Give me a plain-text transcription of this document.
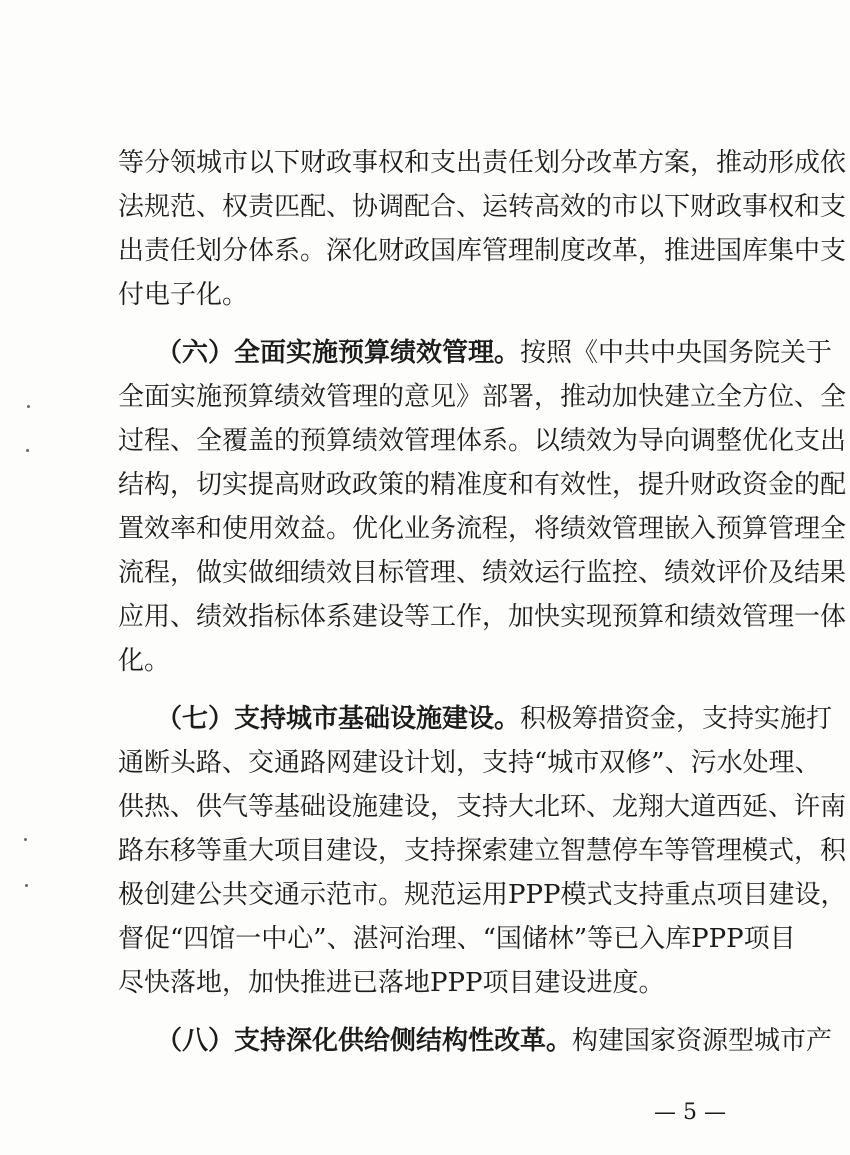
等分领城市以下财政事权和支出责任划分改革方案，推动形成依
法规范、权责匹配、协调配合、运转高效的市以下财政事权和支
出责任划分体系。深化财政国库管理制度改革，推进国库集中支
付电子化。
（六）全面实施预算绩效管理。按照《中共中央国务院关于
全面实施预算绩效管理的意见》部署，推动加快建立全方位、全
过程、全覆盖的预算绩效管理体系。以绩效为导向调整优化支出
结构，切实提高财政政策的精准度和有效性，提升财政资金的配
置效率和使用效益。优化业务流程，将绩效管理嵌入预算管理全
流程，做实做细绩效目标管理、绩效运行监控、绩效评价及结果
应用、绩效指标体系建设等工作，加快实现预算和绩效管理一体
化。
（七）支持城市基础设施建设。积极筹措资金，支持实施打
通断头路、交通路网建设计划，支持“城市双修”、污水处理、
供热、供气等基础设施建设，支持大北环、龙翔大道西延、许南
路东移等重大项目建设，支持探索建立智慧停车等管理模式，积
极创建公共交通示范市。规范运用PPP模式支持重点项目建设，
督促“四馆一中心”、湛河治理、“国储林”等已入库PPP项目
尽快落地，加快推进已落地PPP项目建设进度。
（八）支持深化供给侧结构性改革。构建国家资源型城市产
— 5 —
